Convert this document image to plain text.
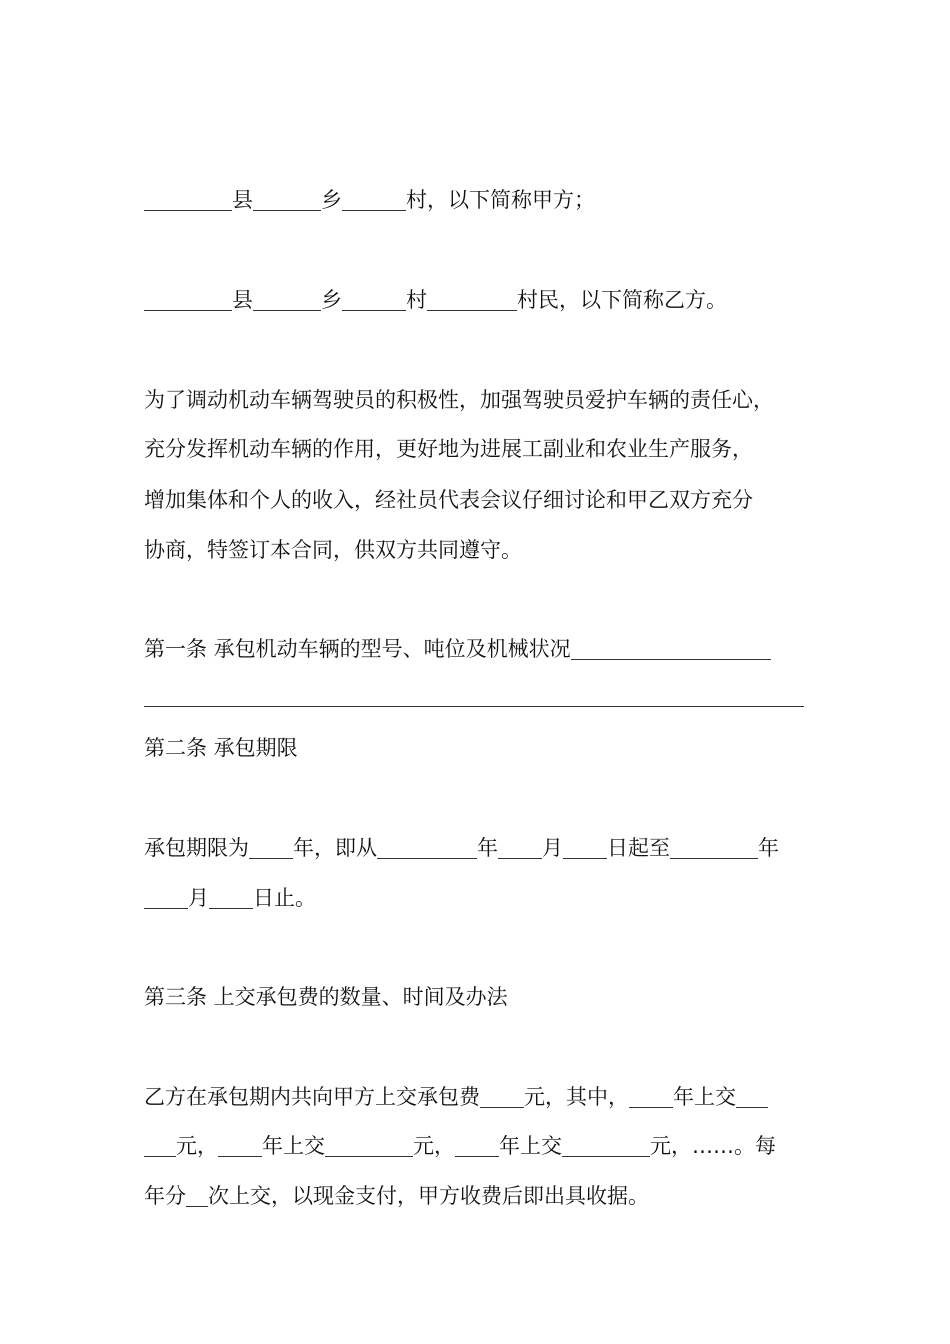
县	乡	村，以下简称甲方；
县	乡	村	村民，以下简称乙方。
为了调动机动车辆驾驶员的积极性，加强驾驶员爱护车辆的责任心，
充分发挥机动车辆的作用，更好地为进展工副业和农业生产服务，
增加集体和个人的收入，经社员代表会议仔细讨论和甲乙双方充分
协商，特签订本合同，供双方共同遵守。
第一条 承包机动车辆的型号、吨位及机械状况
第二条 承包期限
承包期限为 年，即从	年 月 日起至	年
月 日止。
第三条 上交承包费的数量、时间及办法
乙方在承包期内共向甲方上交承包费 元，其中， 年上交
元， 年上交	元， 年上交	元，……。每
年分 次上交，以现金支付，甲方收费后即出具收据。
